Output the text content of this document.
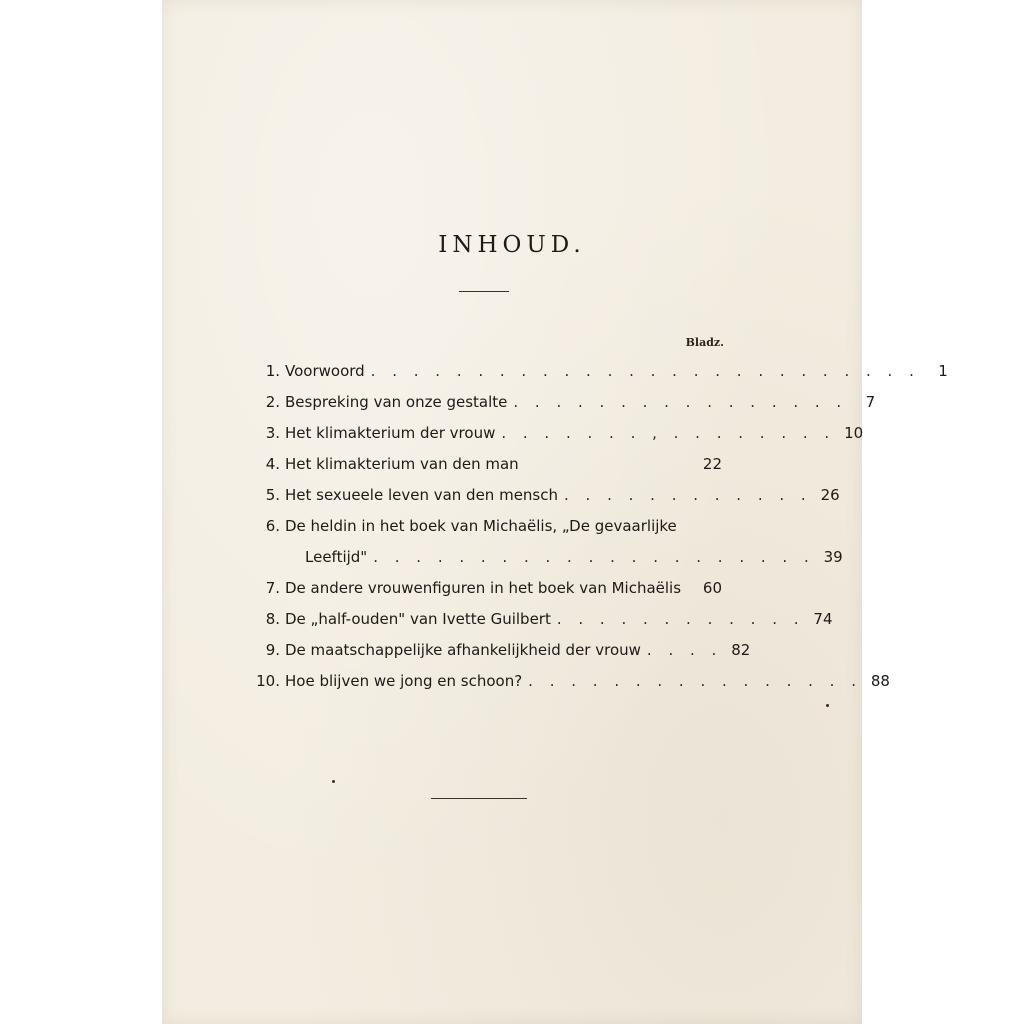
INHOUD.
Bladz.
1. Voorwoord . . . . . . . . . . . . . . . . . . . . . . . . . .	1
2. Bespreking van onze gestalte . . . . . . . . . . . . . . . .	7
3. Het klimakterium der vrouw . . . . . . . , . . . . . . . . 10
4. Het klimakterium van den man	22
5. Het sexueele leven van den mensch . . . . . . . . . . . . 26
6. De heldin in het boek van Michaëlis, „De gevaarlijke
Leeftijd" . . . . . . . . . . . . . . . . . . . . . 39
7. De andere vrouwenfiguren in het boek van Michaëlis	60
8. De „half-ouden" van Ivette Guilbert . . . . . . . . . . . . 74
9. De maatschappelijke afhankelijkheid der vrouw . . . . 82
10. Hoe blijven we jong en schoon? . . . . . . . . . . . . . . . . 88
